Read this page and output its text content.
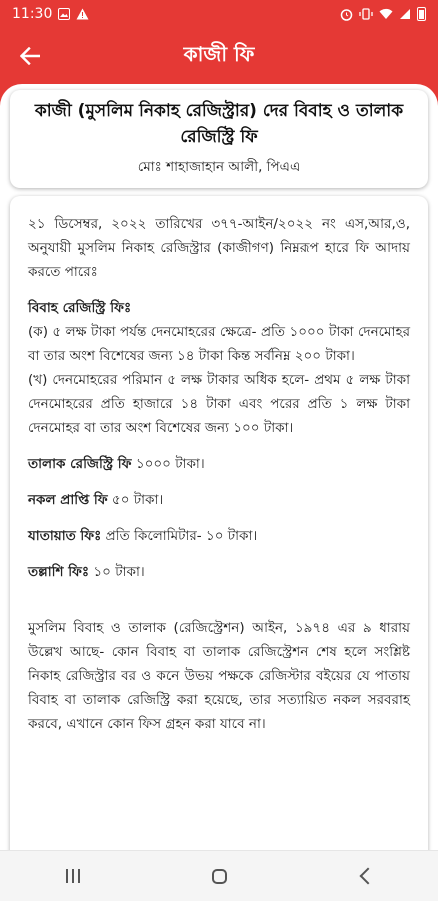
11:30
কাজী ফি
কাজী (মুসলিম নিকাহ রেজিস্ট্রার) দের বিবাহ ও তালাক রেজিস্ট্রি ফি
মোঃ শাহাজাহান আলী, পিএএ

২১ ডিসেম্বর, ২০২২ তারিখের ৩৭৭-আইন/২০২২ নং এস,আর,ও, অনুযায়ী মুসলিম নিকাহ রেজিস্ট্রার (কাজীগণ) নিম্নরূপ হারে ফি আদায় করতে পারেঃ

বিবাহ রেজিস্ট্রি ফিঃ

(ক) ৫ লক্ষ টাকা পর্যন্ত দেনমোহরের ক্ষেত্রে- প্রতি ১০০০ টাকা দেনমোহর বা তার অংশ বিশেষের জন্য ১৪ টাকা কিন্ত সর্বনিম্ন ২০০ টাকা।

(খ) দেনমোহরের পরিমান ৫ লক্ষ টাকার অধিক হলে- প্রথম ৫ লক্ষ টাকা দেনমোহরের প্রতি হাজারে ১৪ টাকা এবং পরের প্রতি ১ লক্ষ টাকা দেনমোহর বা তার অংশ বিশেষের জন্য ১০০ টাকা।

তালাক রেজিস্ট্রি ফি ১০০০ টাকা।

নকল প্রাপ্তি ফি ৫০ টাকা।

যাতায়াত ফিঃ প্রতি কিলোমিটার- ১০ টাকা।

তল্লাশি ফিঃ ১০ টাকা।

মুসলিম বিবাহ ও তালাক (রেজিস্ট্রেশন) আইন, ১৯৭৪ এর ৯ ধারায় উল্লেখ আছে- কোন বিবাহ বা তালাক রেজিস্ট্রেশন শেষ হলে সংশ্লিষ্ট নিকাহ রেজিস্ট্রার বর ও কনে উভয় পক্ষকে রেজিস্টার বইয়ের যে পাতায় বিবাহ বা তালাক রেজিস্ট্রি করা হয়েছে, তার সত্যায়িত নকল সরবরাহ করবে, এখানে কোন ফিস গ্রহন করা যাবে না।
